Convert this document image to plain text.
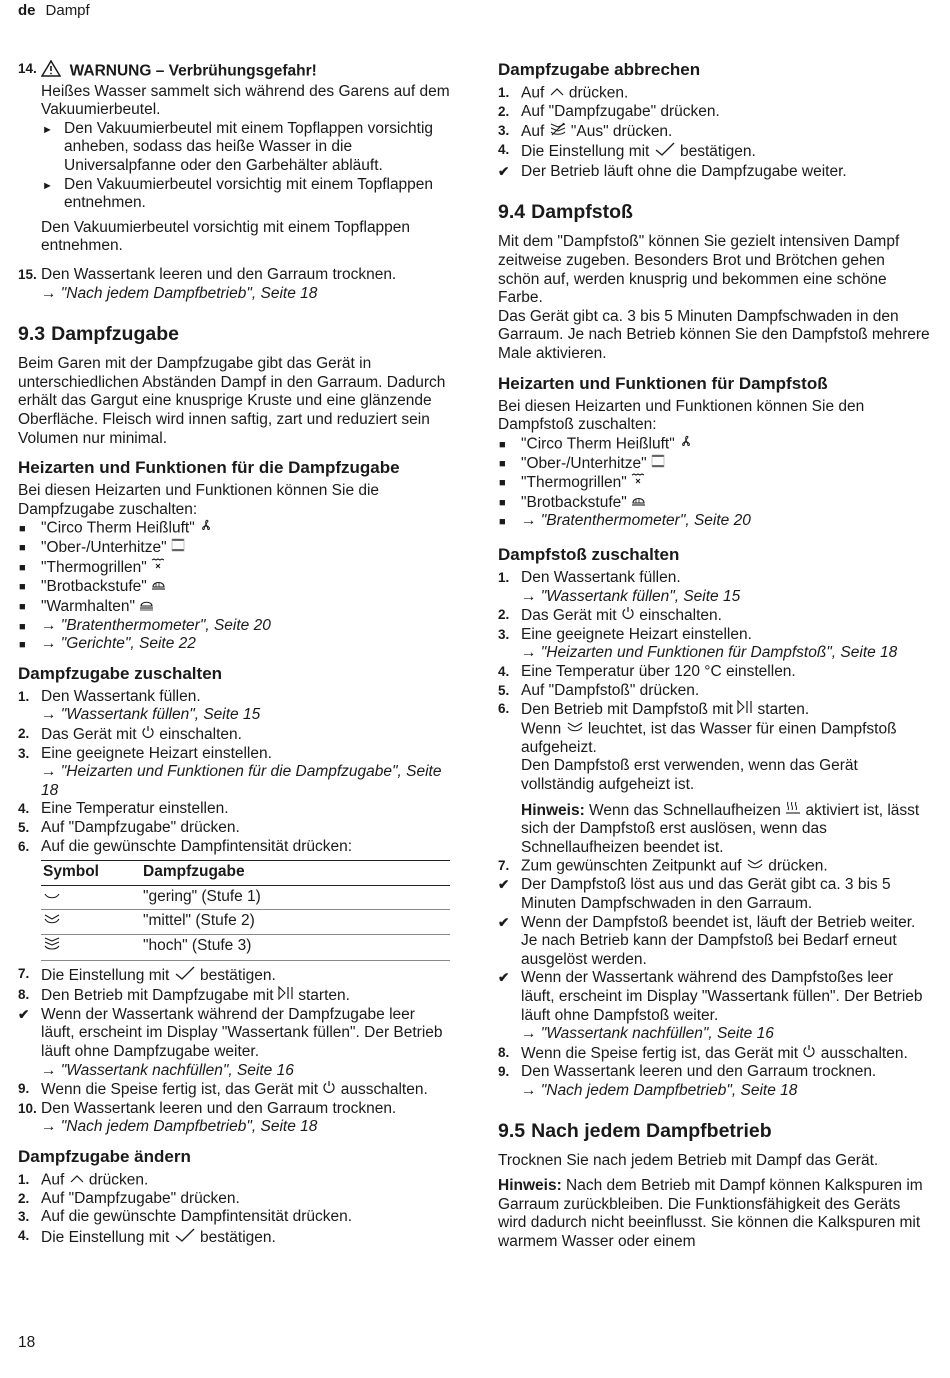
de Dampf
14.	WARNUNG – Verbrühungsgefahr!

Heißes Wasser sammelt sich während des Garens auf dem Vakuumierbeutel.

► Den Vakuumierbeutel mit einem Topflappen vorsichtig anheben, sodass das heiße Wasser in die Universalpfanne oder den Garbehälter abläuft.

► Den Vakuumierbeutel vorsichtig mit einem Topflappen entnehmen.

Den Vakuumierbeutel vorsichtig mit einem Topflappen entnehmen.

15. Den Wassertank leeren und den Garraum trocknen.

→ "Nach jedem Dampfbetrieb", Seite 18

9.3 Dampfzugabe

Beim Garen mit der Dampfzugabe gibt das Gerät in unterschiedlichen Abständen Dampf in den Garraum. Dadurch erhält das Gargut eine knusprige Kruste und eine glänzende Oberfläche. Fleisch wird innen saftig, zart und reduziert sein Volumen nur minimal.

Heizarten und Funktionen für die Dampfzugabe

Bei diesen Heizarten und Funktionen können Sie die Dampfzugabe zuschalten:

■ "Circo Therm Heißluft"
■ "Ober-/Unterhitze"
■ "Thermogrillen"
■ "Brotbackstufe"
■ "Warmhalten"
■ → "Bratenthermometer", Seite 20
■ → "Gerichte", Seite 22
Dampfzugabe zuschalten
1. Den Wassertank füllen.

→ "Wassertank füllen", Seite 15

2. Das Gerät mit einschalten.
3. Eine geeignete Heizart einstellen.

→ "Heizarten und Funktionen für die Dampfzugabe", Seite 18

4. Eine Temperatur einstellen.
5. Auf "Dampfzugabe" drücken.
6. Auf die gewünschte Dampfintensität drücken:
Symbol	Dampfzugabe
	"gering" (Stufe 1)
	"mittel" (Stufe 2)
	"hoch" (Stufe 3)
7. Die Einstellung mit bestätigen.
8. Den Betrieb mit Dampfzugabe mit starten.
✔ Wenn der Wassertank während der Dampfzugabe leer läuft, erscheint im Display "Wassertank füllen". Der Betrieb läuft ohne Dampfzugabe weiter.

→ "Wassertank nachfüllen", Seite 16

9. Wenn die Speise fertig ist, das Gerät mit ausschalten.
10. Den Wassertank leeren und den Garraum trocknen.

→ "Nach jedem Dampfbetrieb", Seite 18

Dampfzugabe ändern
1. Auf drücken.
2. Auf "Dampfzugabe" drücken.
3. Auf die gewünschte Dampfintensität drücken.
4. Die Einstellung mit bestätigen.
Dampfzugabe abbrechen
1. Auf drücken.
2. Auf "Dampfzugabe" drücken.
3. Auf "Aus" drücken.
4. Die Einstellung mit bestätigen.
✔ Der Betrieb läuft ohne die Dampfzugabe weiter.
9.4 Dampfstoß

Mit dem "Dampfstoß" können Sie gezielt intensiven Dampf zeitweise zugeben. Besonders Brot und Brötchen gehen schön auf, werden knusprig und bekommen eine schöne Farbe.

Das Gerät gibt ca. 3 bis 5 Minuten Dampfschwaden in den Garraum. Je nach Betrieb können Sie den Dampfstoß mehrere Male aktivieren.

Heizarten und Funktionen für Dampfstoß

Bei diesen Heizarten und Funktionen können Sie den Dampfstoß zuschalten:

■ "Circo Therm Heißluft"
■ "Ober-/Unterhitze"
■ "Thermogrillen"
■ "Brotbackstufe"
■ → "Bratenthermometer", Seite 20
Dampfstoß zuschalten
1. Den Wassertank füllen.

→ "Wassertank füllen", Seite 15

2. Das Gerät mit einschalten.
3. Eine geeignete Heizart einstellen.

→ "Heizarten und Funktionen für Dampfstoß", Seite 18

4. Eine Temperatur über 120 °C einstellen.
5. Auf "Dampfstoß" drücken.
6. Den Betrieb mit Dampfstoß mit starten.

Wenn leuchtet, ist das Wasser für einen Dampfstoß aufgeheizt.

Den Dampfstoß erst verwenden, wenn das Gerät vollständig aufgeheizt ist.

Hinweis: Wenn das Schnellaufheizen aktiviert ist, lässt sich der Dampfstoß erst auslösen, wenn das Schnellaufheizen beendet ist.

7. Zum gewünschten Zeitpunkt auf drücken.
✔ Der Dampfstoß löst aus und das Gerät gibt ca. 3 bis 5 Minuten Dampfschwaden in den Garraum.

✔ Wenn der Dampfstoß beendet ist, läuft der Betrieb weiter. Je nach Betrieb kann der Dampfstoß bei Bedarf erneut ausgelöst werden.

✔ Wenn der Wassertank während des Dampfstoßes leer läuft, erscheint im Display "Wassertank füllen". Der Betrieb läuft ohne Dampfstoß weiter.

→ "Wassertank nachfüllen", Seite 16

8. Wenn die Speise fertig ist, das Gerät mit ausschalten.
9. Den Wassertank leeren und den Garraum trocknen.

→ "Nach jedem Dampfbetrieb", Seite 18

9.5 Nach jedem Dampfbetrieb

Trocknen Sie nach jedem Betrieb mit Dampf das Gerät.

Hinweis: Nach dem Betrieb mit Dampf können Kalkspuren im Garraum zurückbleiben. Die Funktionsfähigkeit des Geräts wird dadurch nicht beeinflusst. Sie können die Kalkspuren mit warmem Wasser oder einem

18
